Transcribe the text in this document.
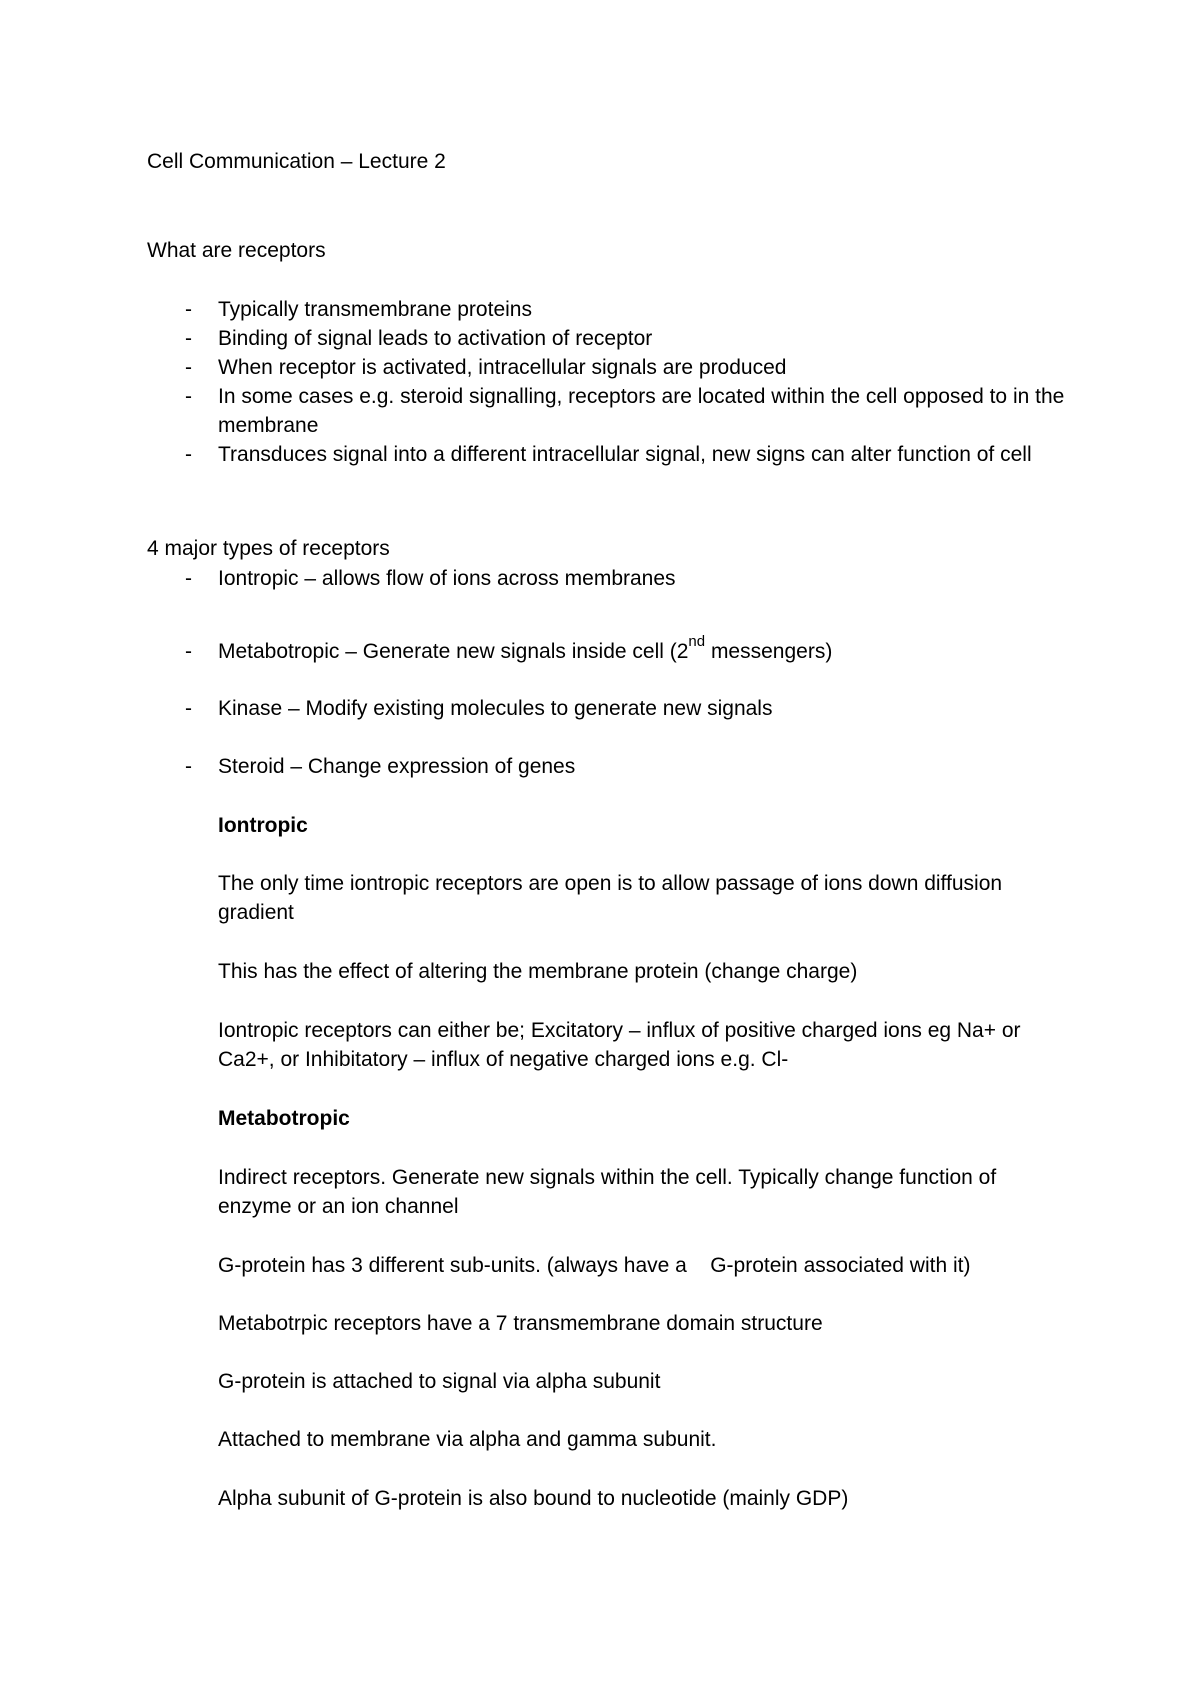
Cell Communication – Lecture 2

What are receptors

- Typically transmembrane proteins
- Binding of signal leads to activation of receptor
- When receptor is activated, intracellular signals are produced
- In some cases e.g. steroid signalling, receptors are located within the cell opposed to in the membrane
- Transduces signal into a different intracellular signal, new signs can alter function of cell

4 major types of receptors

- Iontropic – allows flow of ions across membranes
- Metabotropic – Generate new signals inside cell (2nd messengers)
- Kinase – Modify existing molecules to generate new signals
- Steroid – Change expression of genes

Iontropic

The only time iontropic receptors are open is to allow passage of ions down diffusion gradient

This has the effect of altering the membrane protein (change charge)

Iontropic receptors can either be; Excitatory – influx of positive charged ions eg Na+ or Ca2+, or Inhibitatory – influx of negative charged ions e.g. Cl-

Metabotropic

Indirect receptors. Generate new signals within the cell. Typically change function of enzyme or an ion channel

G-protein has 3 different sub-units. (always have a    G-protein associated with it)

Metabotrpic receptors have a 7 transmembrane domain structure

G-protein is attached to signal via alpha subunit

Attached to membrane via alpha and gamma subunit.

Alpha subunit of G-protein is also bound to nucleotide (mainly GDP)
